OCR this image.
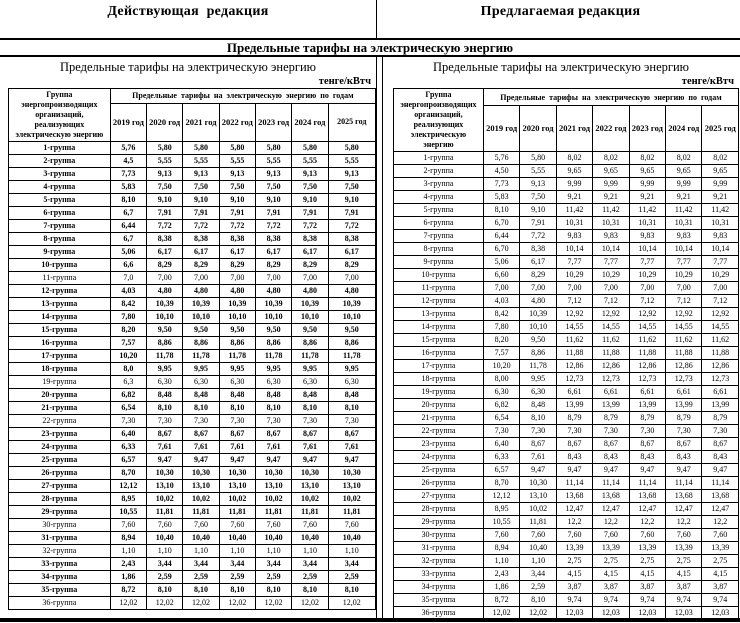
Действующая  редакция	Предлагаемая редакция
Предельные тарифы на электрическую энергию
Предельные тарифы на электрическую энергию
тенге/кВтч
Группа энергопроизводящих организаций, реализующих электрическую энергию	Предельные тарифы на электрическую энергию по годам						
	2019 год	2020 год	2021 год	2022 год	2023 год	2024 год	2025 год
1-группа	5,76	5,80	5,80	5,80	5,80	5,80	5,80
2-группа	4,5	5,55	5,55	5,55	5,55	5,55	5,55
3-группа	7,73	9,13	9,13	9,13	9,13	9,13	9,13
4-группа	5,83	7,50	7,50	7,50	7,50	7,50	7,50
5-группа	8,10	9,10	9,10	9,10	9,10	9,10	9,10
6-группа	6,7	7,91	7,91	7,91	7,91	7,91	7,91
7-группа	6,44	7,72	7,72	7,72	7,72	7,72	7,72
8-группа	6,7	8,38	8,38	8,38	8,38	8,38	8,38
9-группа	5,06	6,17	6,17	6,17	6,17	6,17	6,17
10-группа	6,6	8,29	8,29	8,29	8,29	8,29	8,29
11-группа	7,0	7,00	7,00	7,00	7,00	7,00	7,00
12-группа	4,03	4,80	4,80	4,80	4,80	4,80	4,80
13-группа	8,42	10,39	10,39	10,39	10,39	10,39	10,39
14-группа	7,80	10,10	10,10	10,10	10,10	10,10	10,10
15-группа	8,20	9,50	9,50	9,50	9,50	9,50	9,50
16-группа	7,57	8,86	8,86	8,86	8,86	8,86	8,86
17-группа	10,20	11,78	11,78	11,78	11,78	11,78	11,78
18-группа	8,0	9,95	9,95	9,95	9,95	9,95	9,95
19-группа	6,3	6,30	6,30	6,30	6,30	6,30	6,30
20-группа	6,82	8,48	8,48	8,48	8,48	8,48	8,48
21-группа	6,54	8,10	8,10	8,10	8,10	8,10	8,10
22-группа	7,30	7,30	7,30	7,30	7,30	7,30	7,30
23-группа	6,40	8,67	8,67	8,67	8,67	8,67	8,67
24-группа	6,33	7,61	7,61	7,61	7,61	7,61	7,61
25-группа	6,57	9,47	9,47	9,47	9,47	9,47	9,47
26-группа	8,70	10,30	10,30	10,30	10,30	10,30	10,30
27-группа	12,12	13,10	13,10	13,10	13,10	13,10	13,10
28-группа	8,95	10,02	10,02	10,02	10,02	10,02	10,02
29-группа	10,55	11,81	11,81	11,81	11,81	11,81	11,81
30-группа	7,60	7,60	7,60	7,60	7,60	7,60	7,60
31-группа	8,94	10,40	10,40	10,40	10,40	10,40	10,40
32-группа	1,10	1,10	1,10	1,10	1,10	1,10	1,10
33-группа	2,43	3,44	3,44	3,44	3,44	3,44	3,44
34-группа	1,86	2,59	2,59	2,59	2,59	2,59	2,59
35-группа	8,72	8,10	8,10	8,10	8,10	8,10	8,10
36-группа	12,02	12,02	12,02	12,02	12,02	12,02	12,02
Предельные тарифы на электрическую энергию
тенге/кВтч
Группа энергопроизводящих организаций, реализующих электрическую энергию	Предельные тарифы на электрическую энергию по годам						
	2019 год	2020 год	2021 год	2022 год	2023 год	2024 год	2025 год
1-группа	5,76	5,80	8,02	8,02	8,02	8,02	8,02
2-группа	4,50	5,55	9,65	9,65	9,65	9,65	9,65
3-группа	7,73	9,13	9,99	9,99	9,99	9,99	9,99
4-группа	5,83	7,50	9,21	9,21	9,21	9,21	9,21
5-группа	8,10	9,10	11,42	11,42	11,42	11,42	11,42
6-группа	6,70	7,91	10,31	10,31	10,31	10,31	10,31
7-группа	6,44	7,72	9,83	9,83	9,83	9,83	9,83
8-группа	6,70	8,38	10,14	10,14	10,14	10,14	10,14
9-группа	5,06	6,17	7,77	7,77	7,77	7,77	7,77
10-группа	6,60	8,29	10,29	10,29	10,29	10,29	10,29
11-группа	7,00	7,00	7,00	7,00	7,00	7,00	7,00
12-группа	4,03	4,80	7,12	7,12	7,12	7,12	7,12
13-группа	8,42	10,39	12,92	12,92	12,92	12,92	12,92
14-группа	7,80	10,10	14,55	14,55	14,55	14,55	14,55
15-группа	8,20	9,50	11,62	11,62	11,62	11,62	11,62
16-группа	7,57	8,86	11,88	11,88	11,88	11,88	11,88
17-группа	10,20	11,78	12,86	12,86	12,86	12,86	12,86
18-группа	8,00	9,95	12,73	12,73	12,73	12,73	12,73
19-группа	6,30	6,30	6,61	6,61	6,61	6,61	6,61
20-группа	6,82	8,48	13,99	13,99	13,99	13,99	13,99
21-группа	6,54	8,10	8,79	8,79	8,79	8,79	8,79
22-группа	7,30	7,30	7,30	7,30	7,30	7,30	7,30
23-группа	6,40	8,67	8,67	8,67	8,67	8,67	8,67
24-группа	6,33	7,61	8,43	8,43	8,43	8,43	8,43
25-группа	6,57	9,47	9,47	9,47	9,47	9,47	9,47
26-группа	8,70	10,30	11,14	11,14	11,14	11,14	11,14
27-группа	12,12	13,10	13,68	13,68	13,68	13,68	13,68
28-группа	8,95	10,02	12,47	12,47	12,47	12,47	12,47
29-группа	10,55	11,81	12,2	12,2	12,2	12,2	12,2
30-группа	7,60	7,60	7,60	7,60	7,60	7,60	7,60
31-группа	8,94	10,40	13,39	13,39	13,39	13,39	13,39
32-группа	1,10	1,10	2,75	2,75	2,75	2,75	2,75
33-группа	2,43	3,44	4,15	4,15	4,15	4,15	4,15
34-группа	1,86	2,59	3,87	3,87	3,87	3,87	3,87
35-группа	8,72	8,10	9,74	9,74	9,74	9,74	9,74
36-группа	12,02	12,02	12,03	12,03	12,03	12,03	12,03
